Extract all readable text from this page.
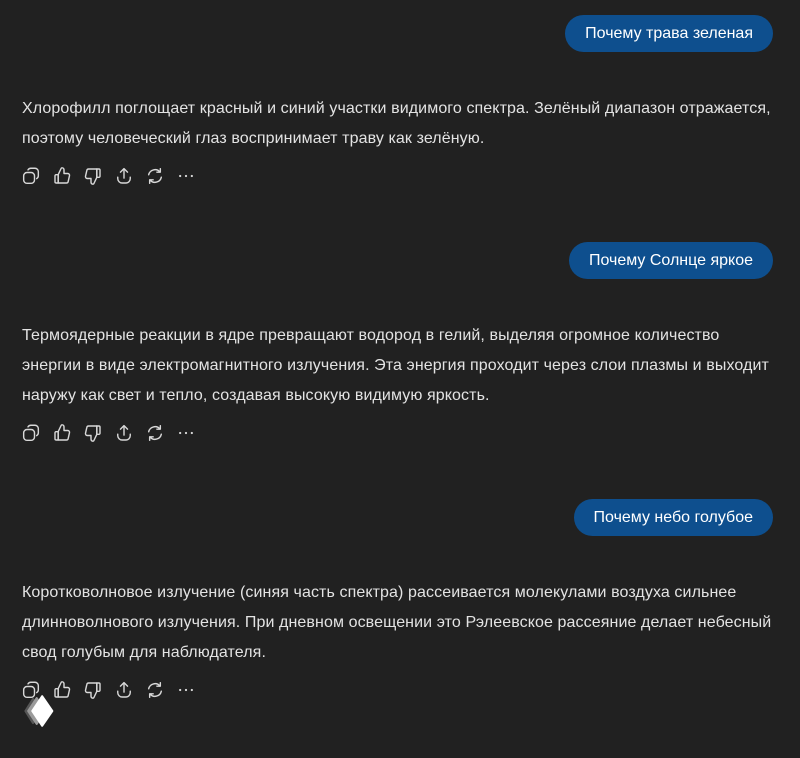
Почему трава зеленая

Хлорофилл поглощает красный и синий участки видимого спектра. Зелёный диапазон отражается, поэтому человеческий глаз воспринимает траву как зелёную.

Почему Солнце яркое

Термоядерные реакции в ядре превращают водород в гелий, выделяя огромное количество энергии в виде электромагнитного излучения. Эта энергия проходит через слои плазмы и выходит наружу как свет и тепло, создавая высокую видимую яркость.

Почему небо голубое

Коротковолновое излучение (синяя часть спектра) рассеивается молекулами воздуха сильнее длинноволнового излучения. При дневном освещении это Рэлеевское рассеяние делает небесный свод голубым для наблюдателя.
